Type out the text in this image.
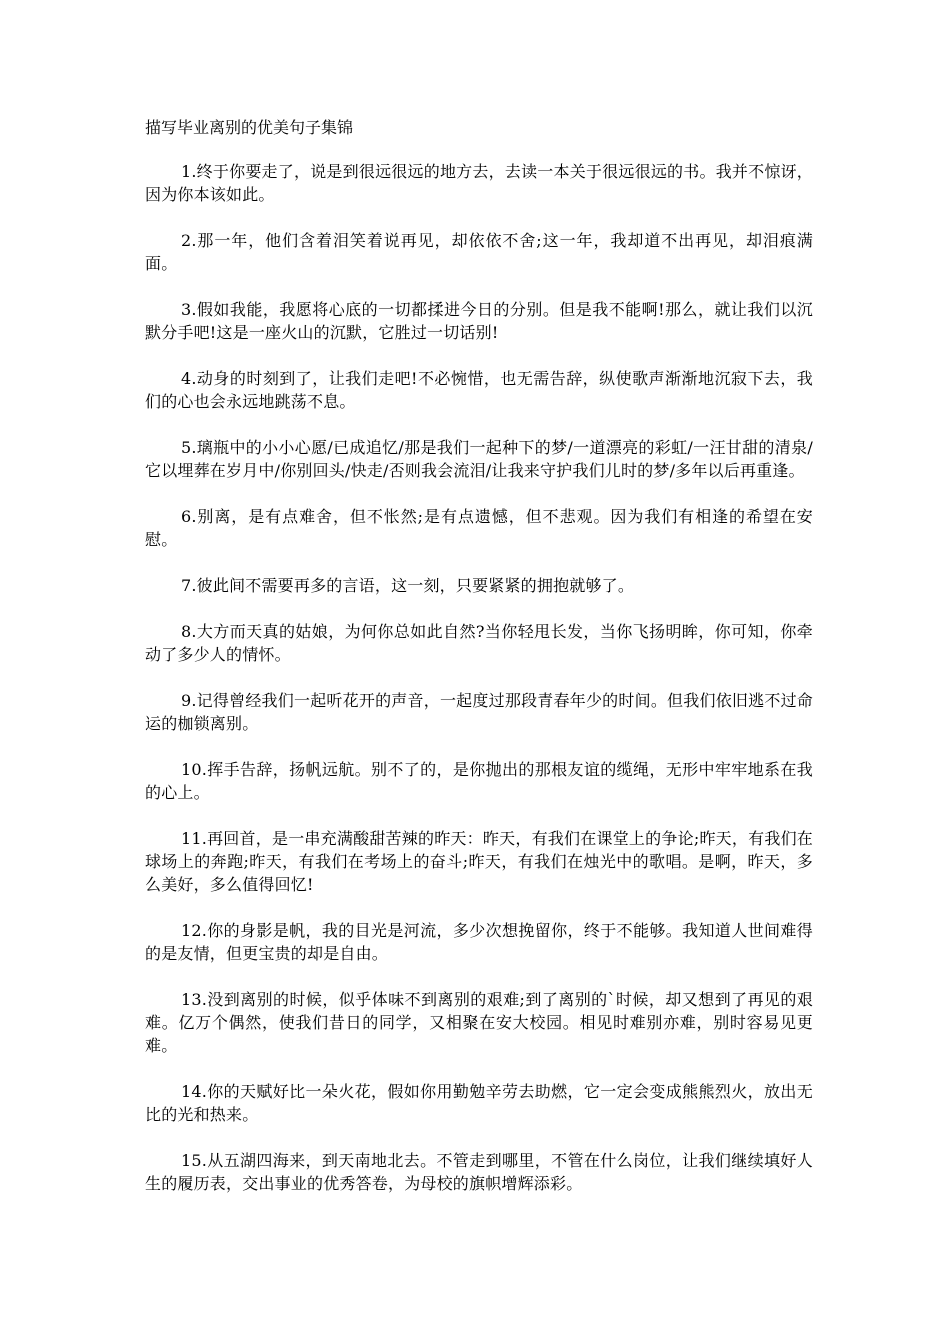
描写毕业离别的优美句子集锦

1.终于你要走了，说是到很远很远的地方去，去读一本关于很远很远的书。我并不惊讶，因为你本该如此。

2.那一年，他们含着泪笑着说再见，却依依不舍;这一年，我却道不出再见，却泪痕满面。

3.假如我能，我愿将心底的一切都揉进今日的分别。但是我不能啊!那么，就让我们以沉默分手吧!这是一座火山的沉默，它胜过一切话别!

4.动身的时刻到了，让我们走吧!不必惋惜，也无需告辞，纵使歌声渐渐地沉寂下去，我们的心也会永远地跳荡不息。

5.璃瓶中的小小心愿/已成追忆/那是我们一起种下的梦/一道漂亮的彩虹/一汪甘甜的清泉/它以埋葬在岁月中/你别回头/快走/否则我会流泪/让我来守护我们儿时的梦/多年以后再重逢。

6.别离，是有点难舍，但不怅然;是有点遗憾，但不悲观。因为我们有相逢的希望在安慰。

7.彼此间不需要再多的言语，这一刻，只要紧紧的拥抱就够了。

8.大方而天真的姑娘，为何你总如此自然?当你轻甩长发，当你飞扬明眸，你可知，你牵动了多少人的情怀。

9.记得曾经我们一起听花开的声音，一起度过那段青春年少的时间。但我们依旧逃不过命运的枷锁离别。

10.挥手告辞，扬帆远航。别不了的，是你抛出的那根友谊的缆绳，无形中牢牢地系在我的心上。

11.再回首，是一串充满酸甜苦辣的昨天：昨天，有我们在课堂上的争论;昨天，有我们在球场上的奔跑;昨天，有我们在考场上的奋斗;昨天，有我们在烛光中的歌唱。是啊，昨天，多么美好，多么值得回忆!

12.你的身影是帆，我的目光是河流，多少次想挽留你，终于不能够。我知道人世间难得的是友情，但更宝贵的却是自由。

13.没到离别的时候，似乎体味不到离别的艰难;到了离别的`时候，却又想到了再见的艰难。亿万个偶然，使我们昔日的同学，又相聚在安大校园。相见时难别亦难，别时容易见更难。

14.你的天赋好比一朵火花，假如你用勤勉辛劳去助燃，它一定会变成熊熊烈火，放出无比的光和热来。

15.从五湖四海来，到天南地北去。不管走到哪里，不管在什么岗位，让我们继续填好人生的履历表，交出事业的优秀答卷，为母校的旗帜增辉添彩。
